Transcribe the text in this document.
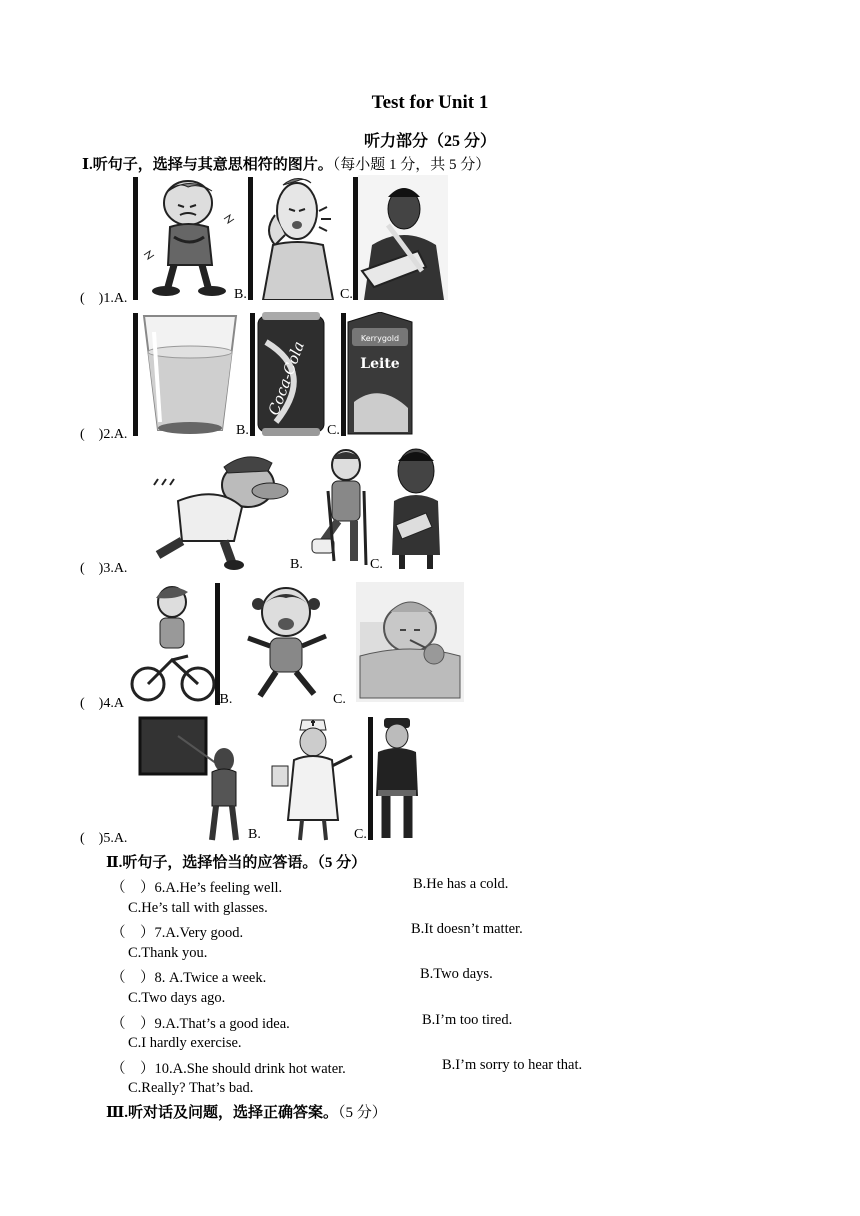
Test for Unit 1
听力部分（25 分）
Ⅰ.听句子，选择与其意思相符的图片。（每小题 1 分，共 5 分）
(　)1.A.	B.	C.
(　)2.A.	B.
Coca-Cola
C.
Kerrygold
Leite
(　)3.A.	B.	C.
(　)4.A	.B.	C.
(　)5.A.	B.	C.
Ⅱ.听句子，选择恰当的应答语。（5 分）
（　）6.A.He’s feeling well.	B.He has a cold.
C.He’s tall with glasses.
（　）7.A.Very good.	B.It doesn’t matter.
C.Thank you.
（　）8. A.Twice a week.	B.Two days.
C.Two days ago.
（　）9.A.That’s a good idea.	B.I’m too tired.
C.I hardly exercise.
（　）10.A.She should drink hot water.	B.I’m sorry to hear that.
C.Really? That’s bad.
Ⅲ.听对话及问题，选择正确答案。（5 分）
